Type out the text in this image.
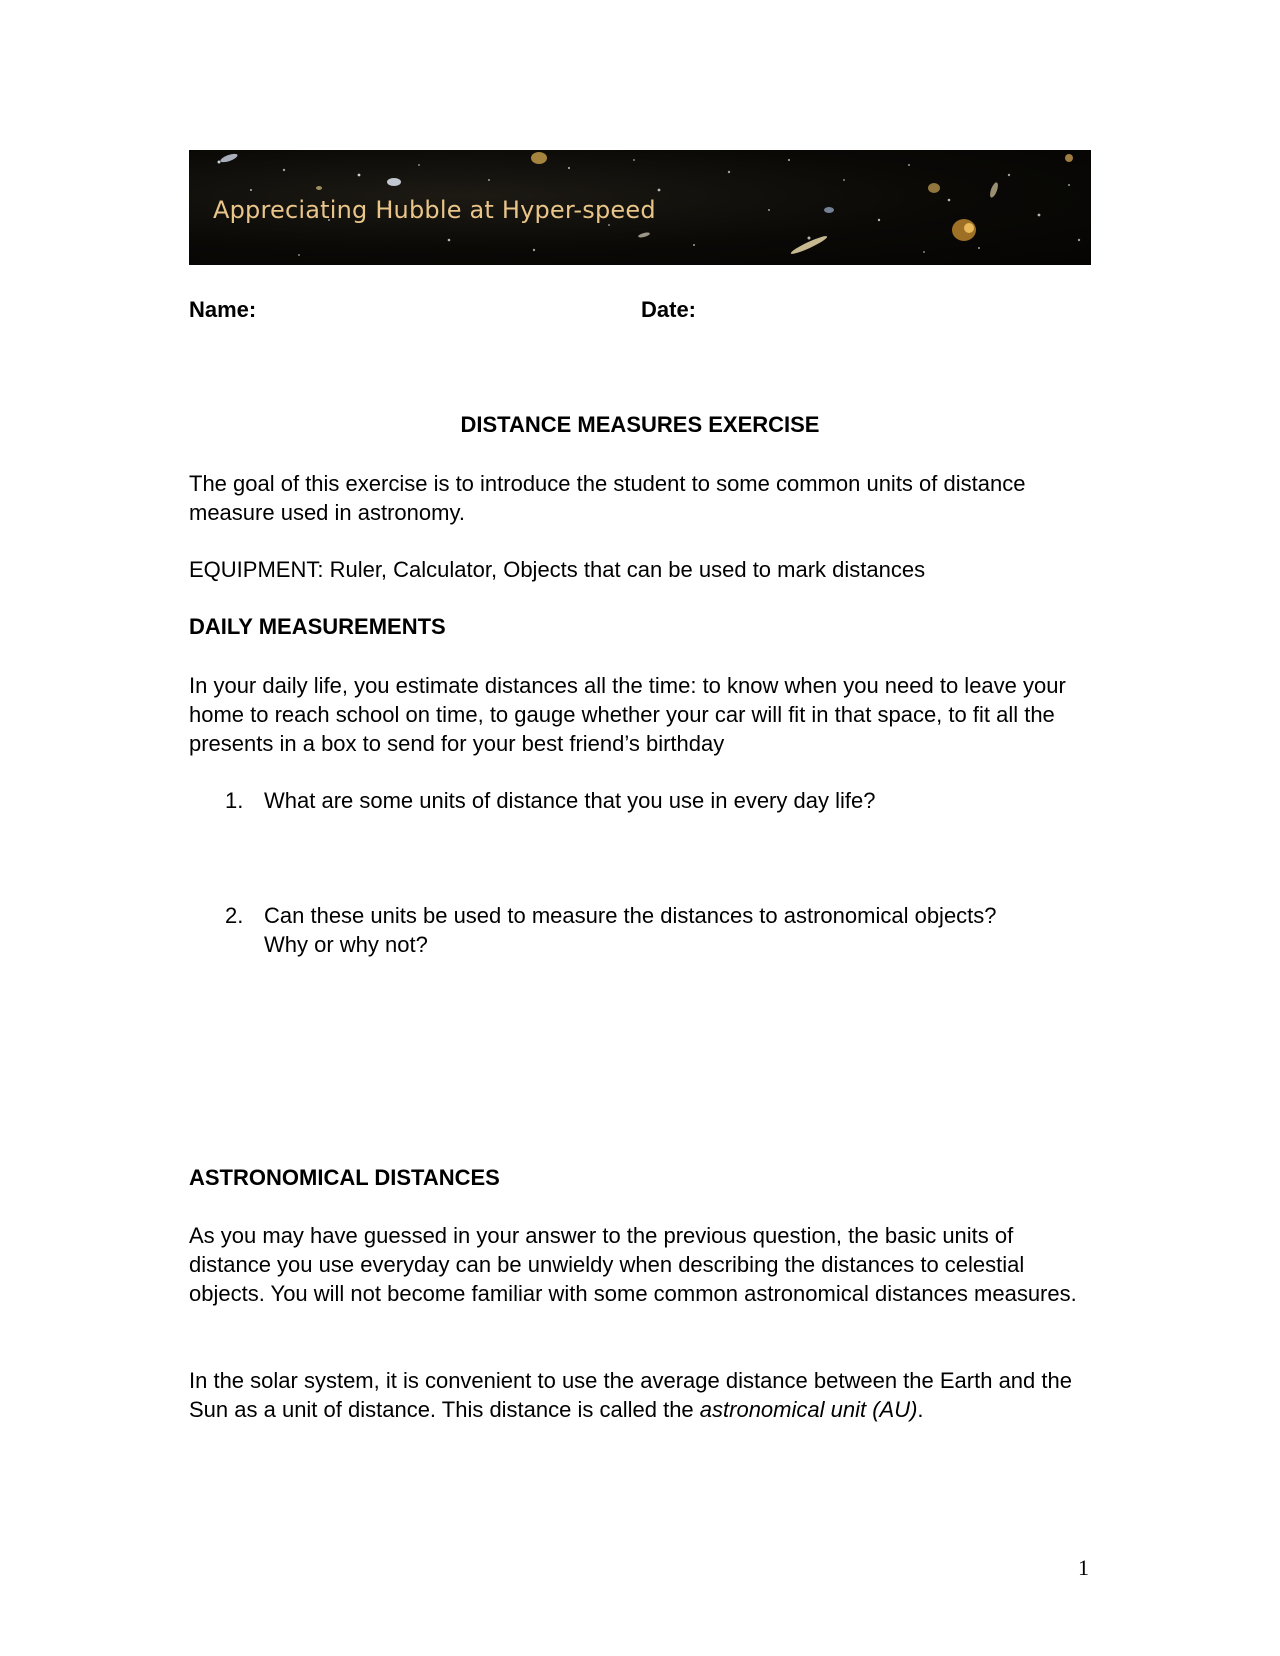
Appreciating Hubble at Hyper-speed
Name:	Date:
DISTANCE MEASURES EXERCISE

The goal of this exercise is to introduce the student to some common units of distance measure used in astronomy.

EQUIPMENT: Ruler, Calculator, Objects that can be used to mark distances

DAILY MEASUREMENTS

In your daily life, you estimate distances all the time: to know when you need to leave your home to reach school on time, to gauge whether your car will fit in that space, to fit all the presents in a box to send for your best friend’s birthday

1. What are some units of distance that you use in every day life?
2. Can these units be used to measure the distances to astronomical objects? Why or why not?
ASTRONOMICAL DISTANCES

As you may have guessed in your answer to the previous question, the basic units of distance you use everyday can be unwieldy when describing the distances to celestial objects. You will not become familiar with some common astronomical distances measures.

In the solar system, it is convenient to use the average distance between the Earth and the Sun as a unit of distance. This distance is called the astronomical unit (AU).

1
